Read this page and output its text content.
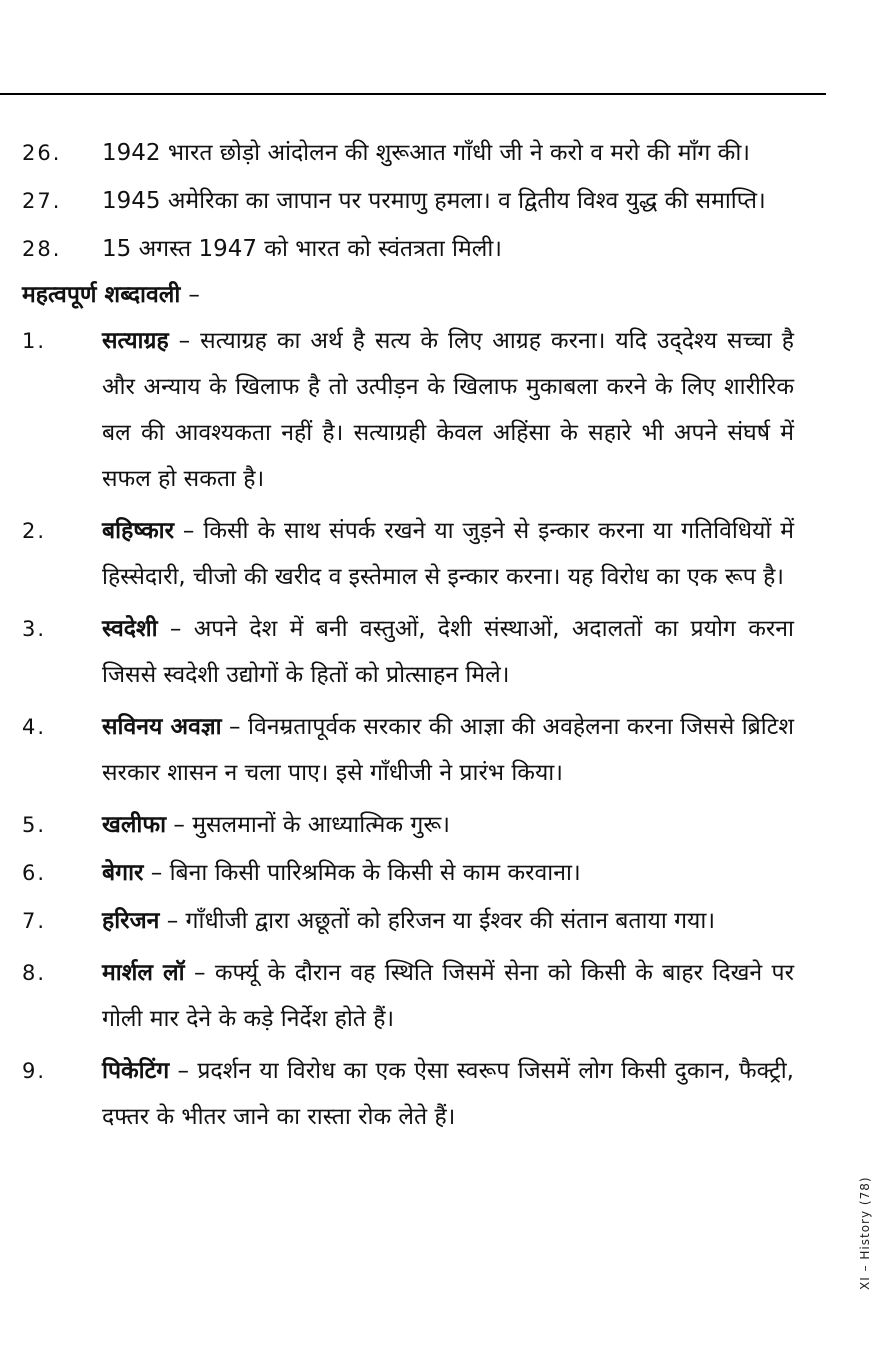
26.	1942 भारत छोड़ो आंदोलन की शुरूआत गाँधी जी ने करो व मरो की माँग की।
27.	1945 अमेरिका का जापान पर परमाणु हमला। व द्वितीय विश्व युद्ध की समाप्ति।
28.	15 अगस्त 1947 को भारत को स्वंतत्रता मिली।
महत्वपूर्ण शब्दावली –
1.	सत्याग्रह – सत्याग्रह का अर्थ है सत्य के लिए आग्रह करना। यदि उद्‌देश्य सच्चा है और अन्याय के खिलाफ है तो उत्पीड़न के खिलाफ मुकाबला करने के लिए शारीरिक बल की आवश्यकता नहीं है। सत्याग्रही केवल अहिंसा के सहारे भी अपने संघर्ष में सफल हो सकता है।
2.	बहिष्कार – किसी के साथ संपर्क रखने या जुड़ने से इन्कार करना या गतिविधियों में हिस्सेदारी, चीजो की खरीद व इस्तेमाल से इन्कार करना। यह विरोध का एक रूप है।
3.	स्वदेशी – अपने देश में बनी वस्तुओं, देशी संस्थाओं, अदालतों का प्रयोग करना जिससे स्वदेशी उद्योगों के हितों को प्रोत्साहन मिले।
4.	सविनय अवज्ञा – विनम्रतापूर्वक सरकार की आज्ञा की अवहेलना करना जिससे ब्रिटिश सरकार शासन न चला पाए। इसे गाँधीजी ने प्रारंभ किया।
5.	खलीफा – मुसलमानों के आध्यात्मिक गुरू।
6.	बेगार – बिना किसी पारिश्रमिक के किसी से काम करवाना।
7.	हरिजन – गाँधीजी द्वारा अछूतों को हरिजन या ईश्वर की संतान बताया गया।
8.	मार्शल लॉ – कर्फ्यू के दौरान वह स्थिति जिसमें सेना को किसी के बाहर दिखने पर गोली मार देने के कड़े निर्देश होते हैं।
9.	पिकेटिंग – प्रदर्शन या विरोध का एक ऐसा स्वरूप जिसमें लोग किसी दुकान, फैक्ट्री, दफ्तर के भीतर जाने का रास्ता रोक लेते हैं।
XI – History (78)
